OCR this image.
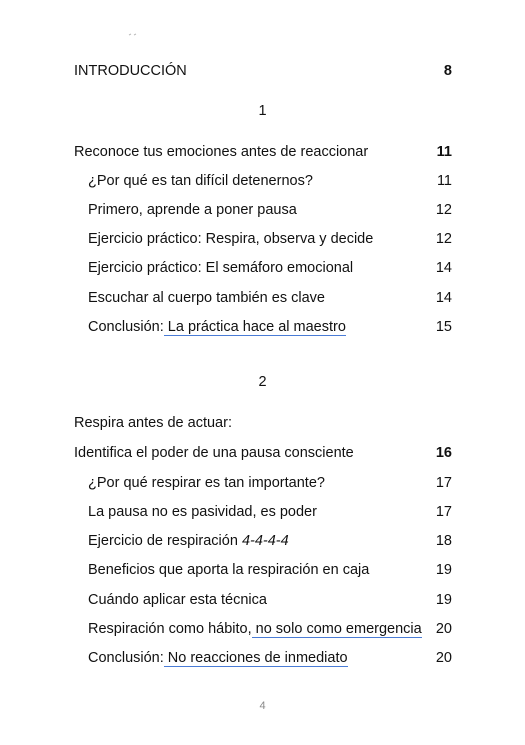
INTRODUCCIÓN	8
1
Reconoce tus emociones antes de reaccionar	11
¿Por qué es tan difícil detenernos?	11
Primero, aprende a poner pausa	12
Ejercicio práctico: Respira, observa y decide	12
Ejercicio práctico: El semáforo emocional	14
Escuchar al cuerpo también es clave	14
Conclusión: La práctica hace al maestro	15
2
Respira antes de actuar:
Identifica el poder de una pausa consciente	16
¿Por qué respirar es tan importante?	17
La pausa no es pasividad, es poder	17
Ejercicio de respiración 4-4-4-4	18
Beneficios que aporta la respiración en caja	19
Cuándo aplicar esta técnica	19
Respiración como hábito, no solo como emergencia 20
Conclusión: No reacciones de inmediato	20
4
